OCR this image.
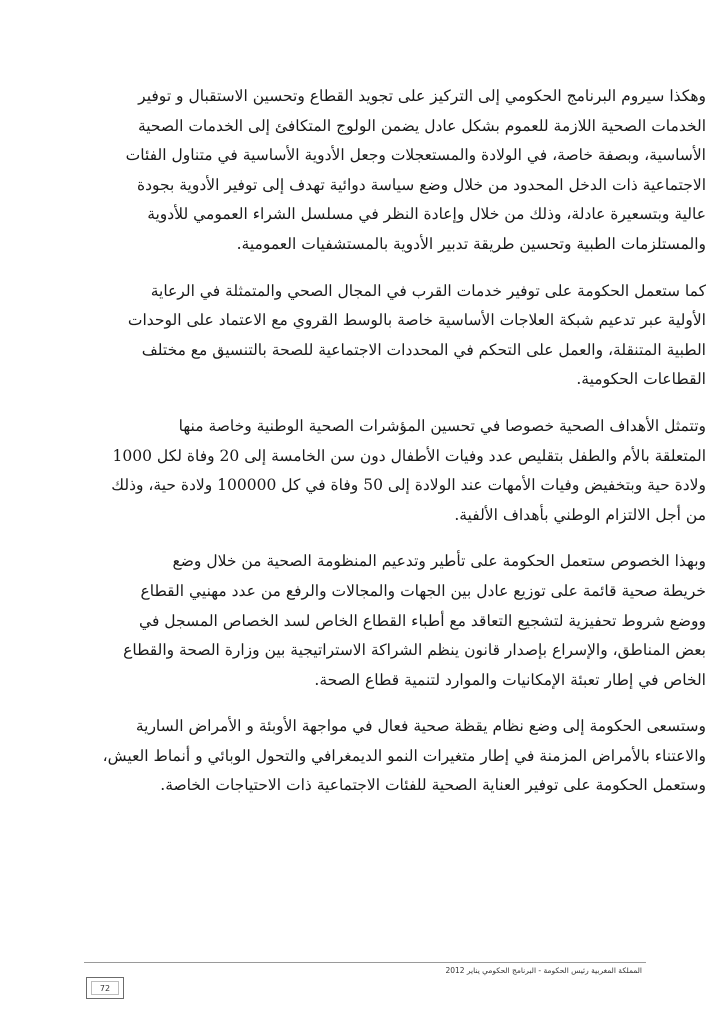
وهكذا سيروم البرنامج الحكومي إلى التركيز على تجويد القطاع وتحسين الاستقبال و توفير
الخدمات الصحية اللازمة للعموم بشكل عادل يضمن الولوج المتكافئ إلى الخدمات الصحية
الأساسية، وبصفة خاصة، في الولادة والمستعجلات وجعل الأدوية الأساسية في متناول الفئات
الاجتماعية ذات الدخل المحدود من خلال وضع سياسة دوائية تهدف إلى توفير الأدوية بجودة
عالية وبتسعيرة عادلة، وذلك من خلال وإعادة النظر في مسلسل الشراء العمومي للأدوية
والمستلزمات الطبية وتحسين طريقة تدبير الأدوية بالمستشفيات العمومية.

كما ستعمل الحكومة على توفير خدمات القرب في المجال الصحي والمتمثلة في الرعاية
الأولية عبر تدعيم شبكة العلاجات الأساسية خاصة بالوسط القروي مع الاعتماد على الوحدات
الطبية المتنقلة، والعمل على التحكم في المحددات الاجتماعية للصحة بالتنسيق مع مختلف
القطاعات الحكومية.

وتتمثل الأهداف الصحية خصوصا في تحسين المؤشرات الصحية الوطنية وخاصة منها
المتعلقة بالأم والطفل بتقليص عدد وفيات الأطفال دون سن الخامسة إلى 20 وفاة لكل 1000
ولادة حية وبتخفيض وفيات الأمهات عند الولادة إلى 50 وفاة في كل 100000 ولادة حية، وذلك
من أجل الالتزام الوطني بأهداف الألفية.

وبهذا الخصوص ستعمل الحكومة على تأطير وتدعيم المنظومة الصحية من خلال وضع
خريطة صحية قائمة على توزيع عادل بين الجهات والمجالات والرفع من عدد مهنيي القطاع
ووضع شروط تحفيزية لتشجيع التعاقد مع أطباء القطاع الخاص لسد الخصاص المسجل في
بعض المناطق، والإسراع بإصدار قانون ينظم الشراكة الاستراتيجية بين وزارة الصحة والقطاع
الخاص في إطار تعبئة الإمكانيات والموارد لتنمية قطاع الصحة.

وستسعى الحكومة إلى وضع نظام يقظة صحية فعال في مواجهة الأوبئة و الأمراض السارية
والاعتناء بالأمراض المزمنة في إطار متغيرات النمو الديمغرافي والتحول الوبائي و أنماط العيش،
وستعمل الحكومة على توفير العناية الصحية للفئات الاجتماعية ذات الاحتياجات الخاصة.

المملكة المغربية رئيس الحكومة - البرنامج الحكومي يناير 2012
72
